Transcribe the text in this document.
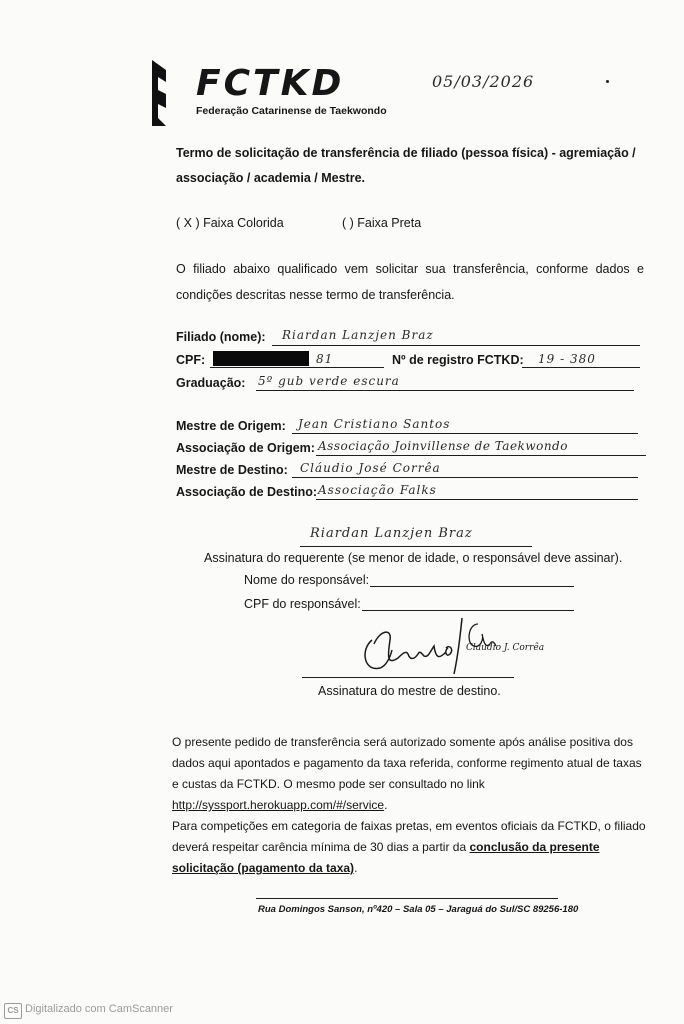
FCTKD
Federação Catarinense de Taekwondo
05/03/2026
Termo de solicitação de transferência de filiado (pessoa física) - agremiação /
associação / academia / Mestre.
( X ) Faixa Colorida	( ) Faixa Preta
O filiado abaixo qualificado vem solicitar sua transferência, conforme dados e condições descritas nesse termo de transferência.
Filiado (nome): Riardan Lanzjen Braz
CPF:	81	Nº de registro FCTKD: 19 - 380
Graduação: 5º gub verde escura
Mestre de Origem: Jean Cristiano Santos
Associação de Origem: Associação Joinvillense de Taekwondo
Mestre de Destino: Cláudio José Corrêa
Associação de Destino: Associação Falks
Riardan Lanzjen Braz
Assinatura do requerente (se menor de idade, o responsável deve assinar).
Nome do responsável:
CPF do responsável:
Claudio J. Corrêa
Assinatura do mestre de destino.
O presente pedido de transferência será autorizado somente após análise positiva dos dados aqui apontados e pagamento da taxa referida, conforme regimento atual de taxas e custas da FCTKD. O mesmo pode ser consultado no link http://syssport.herokuapp.com/#/service.
Para competições em categoria de faixas pretas, em eventos oficiais da FCTKD, o filiado deverá respeitar carência mínima de 30 dias a partir da conclusão da presente solicitação (pagamento da taxa).
Rua Domingos Sanson, nº420 – Sala 05 – Jaraguá do Sul/SC 89256-180
CS Digitalizado com CamScanner
